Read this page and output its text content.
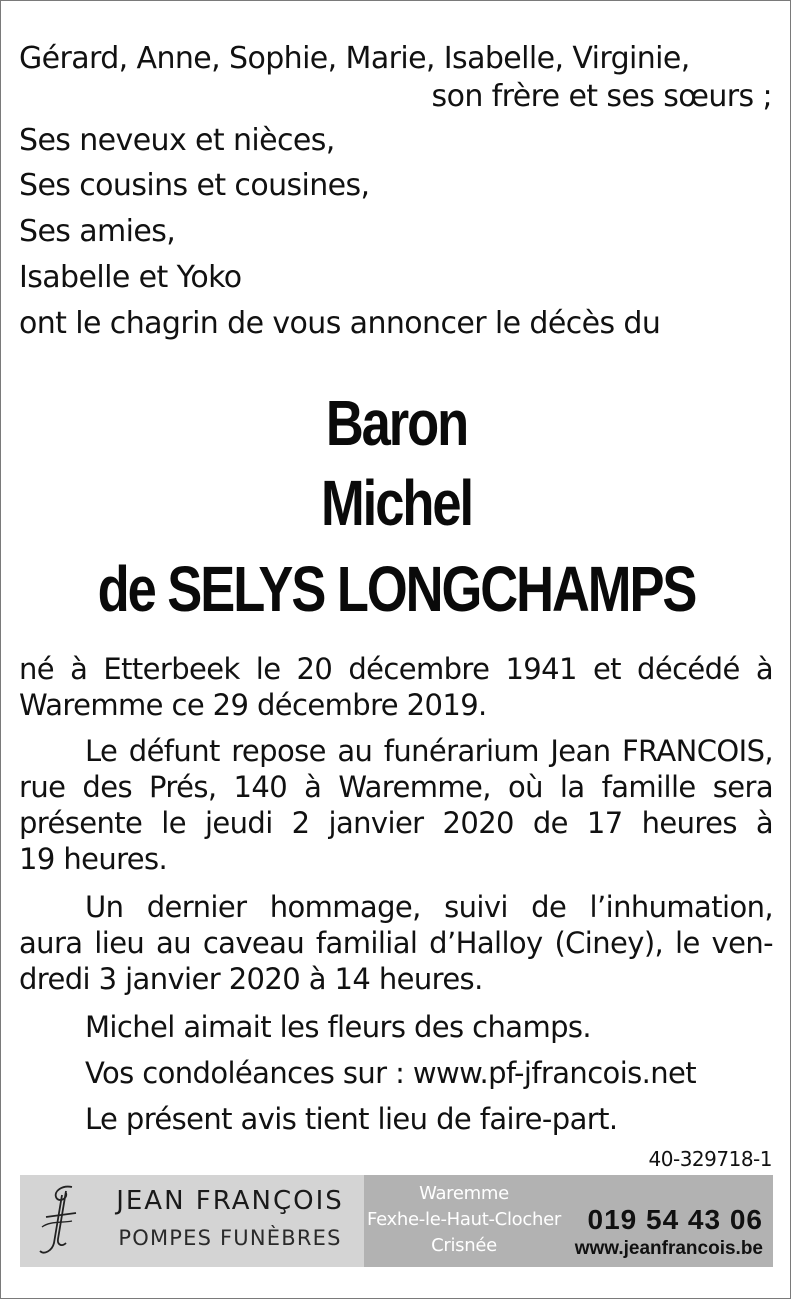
Gérard, Anne, Sophie, Marie, Isabelle, Virginie,
son frère et ses sœurs ;
Ses neveux et nièces,
Ses cousins et cousines,
Ses amies,
Isabelle et Yoko
ont le chagrin de vous annoncer le décès du
Baron
Michel
de SELYS LONGCHAMPS
né à Etterbeek le 20 décembre 1941 et décédé à
Waremme ce 29 décembre 2019.
Le défunt repose au funérarium Jean FRANCOIS,
rue des Prés, 140 à Waremme, où la famille sera
présente le jeudi 2 janvier 2020 de 17 heures à
19 heures.
Un dernier hommage, suivi de l’inhumation,
aura lieu au caveau familial d’Halloy (Ciney), le ven-
dredi 3 janvier 2020 à 14 heures.
Michel aimait les fleurs des champs.
Vos condoléances sur : www.pf-jfrancois.net
Le présent avis tient lieu de faire-part.
40-329718-1
JEAN FRANÇOIS
POMPES FUNÈBRES
Waremme
Fexhe-le-Haut-Clocher
Crisnée
019 54 43 06
www.jeanfrancois.be
